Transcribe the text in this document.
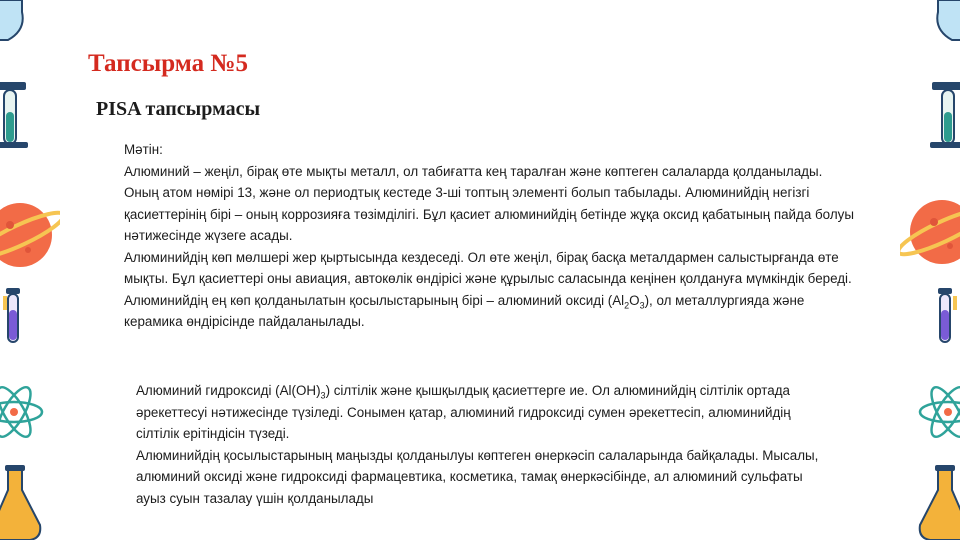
Тапсырма №5
PISA тапсырмасы
Мәтін:
Алюминий – жеңіл, бірақ өте мықты металл, ол табиғатта кең таралған және көптеген салаларда қолданылады. Оның атом нөмірі 13, және ол периодтық кестеде 3-ші топтың элементі болып табылады. Алюминийдің негізгі қасиеттерінің бірі – оның коррозияға төзімділігі. Бұл қасиет алюминийдің бетінде жұқа оксид қабатының пайда болуы нәтижесінде жүзеге асады.
Алюминийдің көп мөлшері жер қыртысында кездеседі. Ол өте жеңіл, бірақ басқа металдармен салыстырғанда өте мықты. Бұл қасиеттері оны авиация, автокөлік өндірісі және құрылыс саласында кеңінен қолдануға мүмкіндік береді. Алюминийдің ең көп қолданылатын қосылыстарының бірі – алюминий оксиді $(Al_2O_3)$, ол металлургияда және керамика өндірісінде пайдаланылады.
Алюминий гидроксиді $(Al(OH)_3)$ сілтілік және қышқылдық қасиеттерге ие. Ол алюминийдің сілтілік ортада әрекеттесуі нәтижесінде түзіледі. Сонымен қатар, алюминий гидроксиді сумен әрекеттесіп, алюминийдің сілтілік ерітіндісін түзеді.
Алюминийдің қосылыстарының маңызды қолданылуы көптеген өнеркәсіп салаларында байқалады. Мысалы, алюминий оксиді және гидроксиді фармацевтика, косметика, тамақ өнеркәсібінде, ал алюминий сульфаты ауыз суын тазалау үшін қолданылады
